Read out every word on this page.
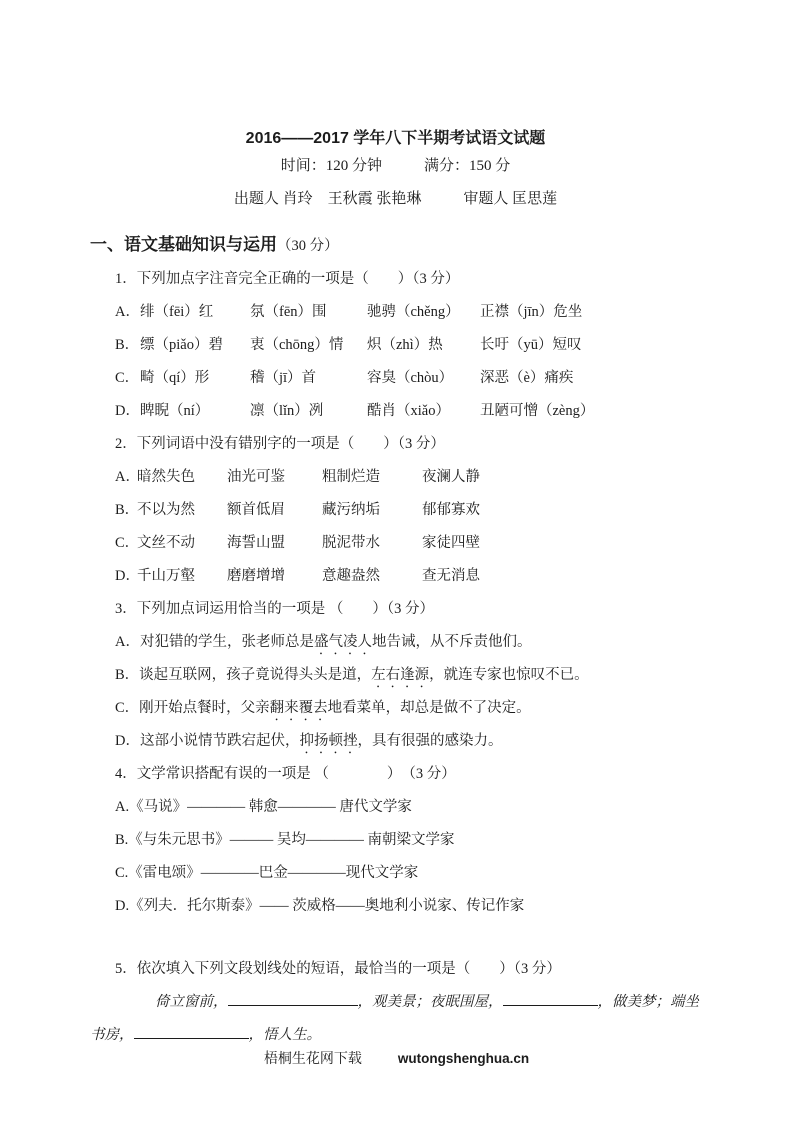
2016——2017 学年八下半期考试语文试题

时间：120 分钟	满分：150 分

出题人 肖玲　王秋霞 张艳琳	审题人 匡思莲

一、语文基础知识与运用（30 分）

1．下列加点字注音完全正确的一项是（　　）（3 分）

A． 绯（fēi）红	氛（fēn）围	驰骋（chěng）	正襟（jīn）危坐
B． 缥（piǎo）碧	衷（chōng）情	炽（zhì）热	长吁（yū）短叹
C． 畸（qí）形	稽（jī）首	容臭（chòu）	深恶（è）痛疾
D． 睥睨（ní）	凛（lǐn）冽	酷肖（xiǎo）	丑陋可憎（zèng）

2．下列词语中没有错别字的一项是（　　）（3 分）

A．
暗然失色	油光可鉴	粗制烂造	夜澜人静
B．
不以为然	额首低眉	藏污纳垢	郁郁寡欢
C．
文丝不动	海誓山盟	脱泥带水	家徒四壁
D．
千山万壑	磨磨增增	意趣盎然	查无消息

3．下列加点词运用恰当的一项是 （　　）（3 分）

A．对犯错的学生，张老师总是盛气凌人地告诫，从不斥责他们。

B．谈起互联网，孩子竟说得头头是道，左右逢源，就连专家也惊叹不已。

C．刚开始点餐时，父亲翻来覆去地看菜单，却总是做不了决定。

D．这部小说情节跌宕起伏，抑扬顿挫，具有很强的感染力。

4．文学常识搭配有误的一项是 （　　　　）　（3 分）

A.《马说》———— 韩愈———— 唐代文学家

B.《与朱元思书》——— 吴均———— 南朝梁文学家

C.《雷电颂》————巴金————现代文学家

D.《列夫．托尔斯泰》—— 茨威格——奥地利小说家、传记作家

5．依次填入下列文段划线处的短语，最恰当的一项是（　　）（3 分）

倚立窗前，	，观美景；夜眠围屋，	，做美梦；端坐书房，	，悟人生。

梧桐生花网下载	wutongshenghua.cn
